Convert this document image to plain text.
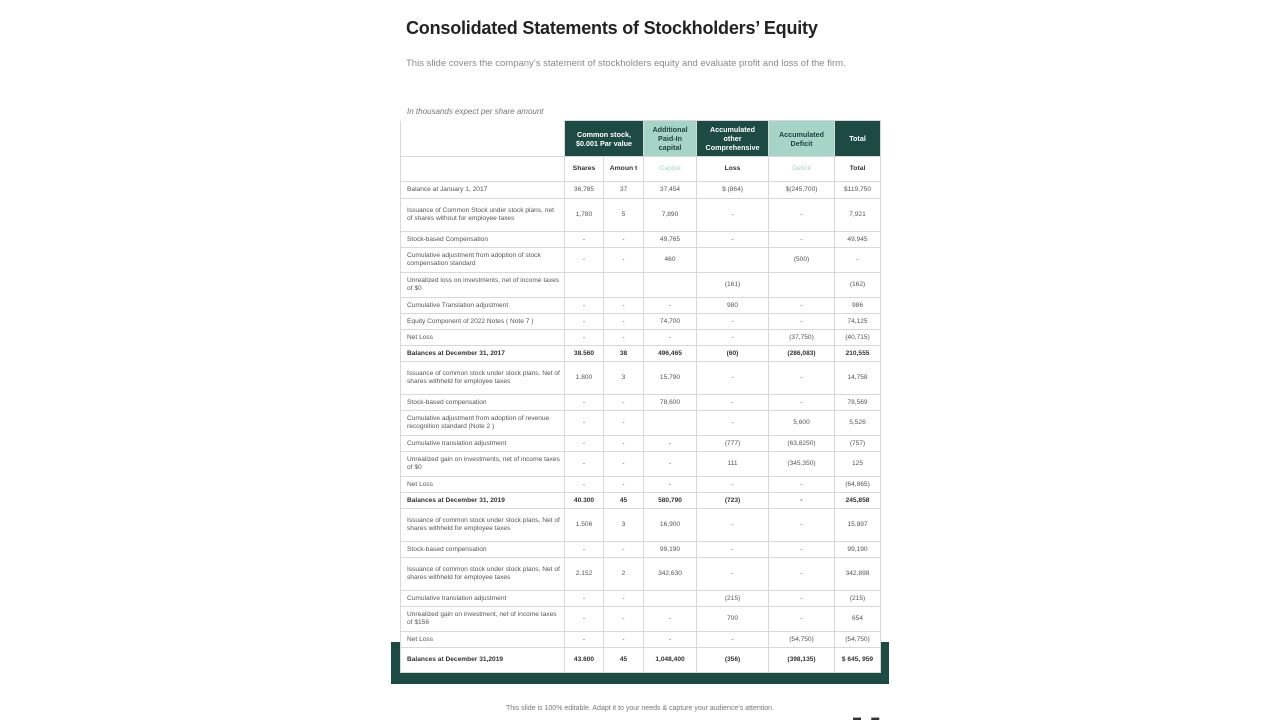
Consolidated Statements of Stockholders’ Equity
This slide covers the company’s statement of stockholders equity and evaluate profit and loss of the firm.
In thousands expect per share amount
	Common stock, $0.001 Par value		Additional Paid-In capital	Accumulated other Comprehensive	Accumulated Deficit	Total
	Shares	Amoun t	Capital	Loss	Deficit	Total
Balance at January 1, 2017	36,785	37	37,454	$ (864)	$(245,700)	$119,750
Issuance of Common Stock under stock plans, net of shares without for employee taxes	1,780	5	7,890	-	-	7,921
Stock-based Compensation	-	-	49,765	-	-	49,945
Cumulative adjustment from adoption of stock compensation standard	-	-	460		(500)	-
Unrealized loss on investments, net of income taxes of $0				(161)		(162)
Cumulative Translation adjustment	-	-	-	980	-	986
Equity Component of 2022 Notes ( Note 7 )	-	-	74,700	-	-	74,125
Net Loss	-	-	-	-	(37,750)	(40,715)
Balances at December 31, 2017	38.560	38	496,465	(60)	(286,083)	210,555
Issuance of common stock under stock plans. Net of shares withheld for employee taxes	1.800	3	15,790	-	-	14,758
Stock-based compensation	-	-	78,600	-	-	78,569
Cumulative adjustment from adoption of revenue recognition standard (Note 2 )	-	-		-	5,600	5,526
Cumulative translation adjustment	-	-	-	(777)	(63,8250)	(757)
Unrealized gain on investments, net of income taxes of $0	-	-	-	111	(345,350)	125
Net Loss	-	-	-	-	-	(64,865)
Balances at December 31, 2019	40.300	45	580,790	(723)	-	245,858
Issuance of common stock under stock plans, Net of shares withheld for employee taxes	1.506	3	16,900	-	-	15.897
Stock-based compensation	-	-	99,190	-	-	99,190
Issuance of common stock under stock plans, Net of shares withheld for employee taxes	2.152	2	342,630	-	-	342,898
Cumulative translation adjustment	-	-		(215)	-	(215)
Unrealized gain on investment, net of income taxes of $156	-	-	-	700	-	654
Net Loss	-	-	-	-	(54,750)	(54,750)
Balances at December 31,2019	43.600	45	1,048,400	(356)	(398,135)	$ 645, 959
This slide is 100% editable. Adapt it to your needs & capture your audience’s attention.
▬ ▬
